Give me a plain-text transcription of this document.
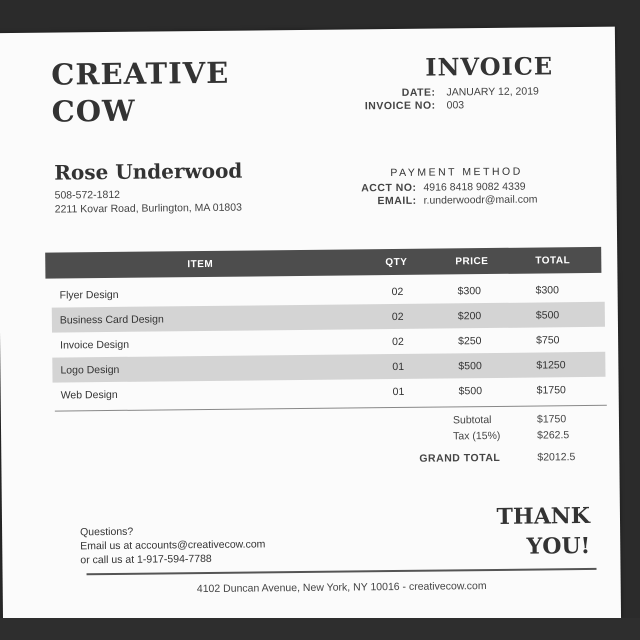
CREATIVE
COW
INVOICE
DATE: JANUARY 12, 2019
INVOICE NO: 003
Rose Underwood
508-572-1812
2211 Kovar Road, Burlington, MA 01803
PAYMENT METHOD
ACCT NO: 4916 8418 9082 4339
EMAIL: r.underwoodr@mail.com
ITEM	QTY	PRICE	TOTAL
Flyer Design	02	$300	$300
Business Card Design	02	$200	$500
Invoice Design	02	$250	$750
Logo Design	01	$500	$1250
Web Design	01	$500	$1750
Subtotal	$1750
Tax (15%)	$262.5
GRAND TOTAL	$2012.5
THANK
YOU!
Questions?
Email us at accounts@creativecow.com
or call us at 1-917-594-7788
4102 Duncan Avenue, New York, NY 10016 - creativecow.com
